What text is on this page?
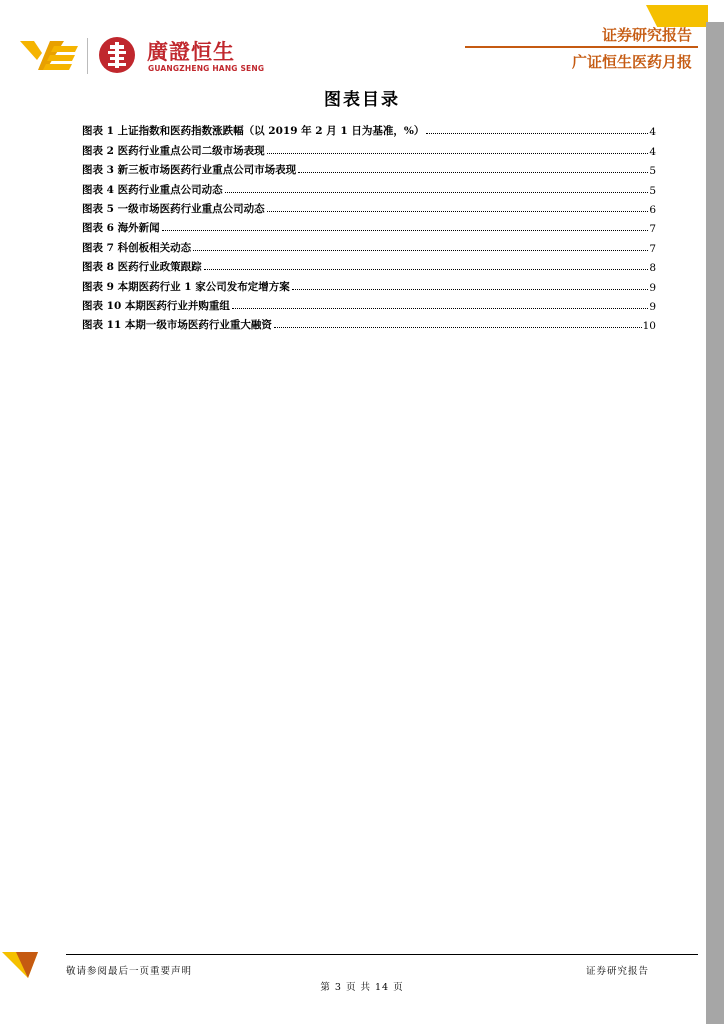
证券研究报告
广证恒生医药月报
廣證恒生
GUANGZHENG HANG SENG
图表目录
图表 1 上证指数和医药指数涨跌幅（以 2019 年 2 月 1 日为基准，%）	4
图表 2 医药行业重点公司二级市场表现	4
图表 3 新三板市场医药行业重点公司市场表现	5
图表 4 医药行业重点公司动态	5
图表 5 一级市场医药行业重点公司动态	6
图表 6 海外新闻	7
图表 7 科创板相关动态	7
图表 8 医药行业政策跟踪	8
图表 9 本期医药行业 1 家公司发布定增方案	9
图表 10 本期医药行业并购重组	9
图表 11 本期一级市场医药行业重大融资	10
敬请参阅最后一页重要声明	证券研究报告
第 3 页 共 14 页
